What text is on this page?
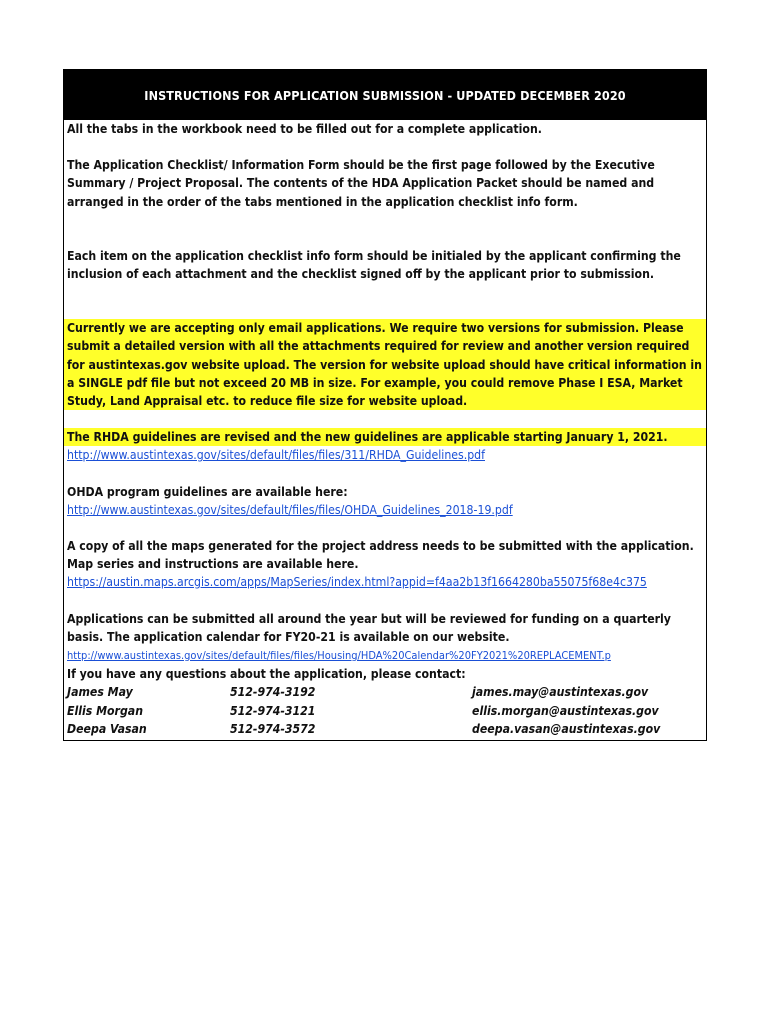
INSTRUCTIONS FOR APPLICATION SUBMISSION - UPDATED DECEMBER 2020
All the tabs in the workbook need to be filled out for a complete application.
The Application Checklist/ Information Form should be the first page followed by the Executive
Summary / Project Proposal. The contents of the HDA Application Packet should be named and
arranged in the order of the tabs mentioned in the application checklist info form.
Each item on the application checklist info form should be initialed by the applicant confirming the
inclusion of each attachment and the checklist signed off by the applicant prior to submission.
Currently we are accepting only email applications. We require two versions for submission. Please
submit a detailed version with all the attachments required for review and another version required
for austintexas.gov website upload. The version for website upload should have critical information in
a SINGLE pdf file but not exceed 20 MB in size. For example, you could remove Phase I ESA, Market
Study, Land Appraisal etc. to reduce file size for website upload.
The RHDA guidelines are revised and the new guidelines are applicable starting January 1, 2021.
http://www.austintexas.gov/sites/default/files/files/311/RHDA_Guidelines.pdf
OHDA program guidelines are available here:
http://www.austintexas.gov/sites/default/files/files/OHDA_Guidelines_2018-19.pdf
A copy of all the maps generated for the project address needs to be submitted with the application.
Map series and instructions are available here.
https://austin.maps.arcgis.com/apps/MapSeries/index.html?appid=f4aa2b13f1664280ba55075f68e4c375
Applications can be submitted all around the year but will be reviewed for funding on a quarterly
basis. The application calendar for FY20-21 is available on our website.
http://www.austintexas.gov/sites/default/files/files/Housing/HDA%20Calendar%20FY2021%20REPLACEMENT.p
If you have any questions about the application, please contact:
James May	512-974-3192	james.may@austintexas.gov
Ellis Morgan	512-974-3121	ellis.morgan@austintexas.gov
Deepa Vasan	512-974-3572	deepa.vasan@austintexas.gov
